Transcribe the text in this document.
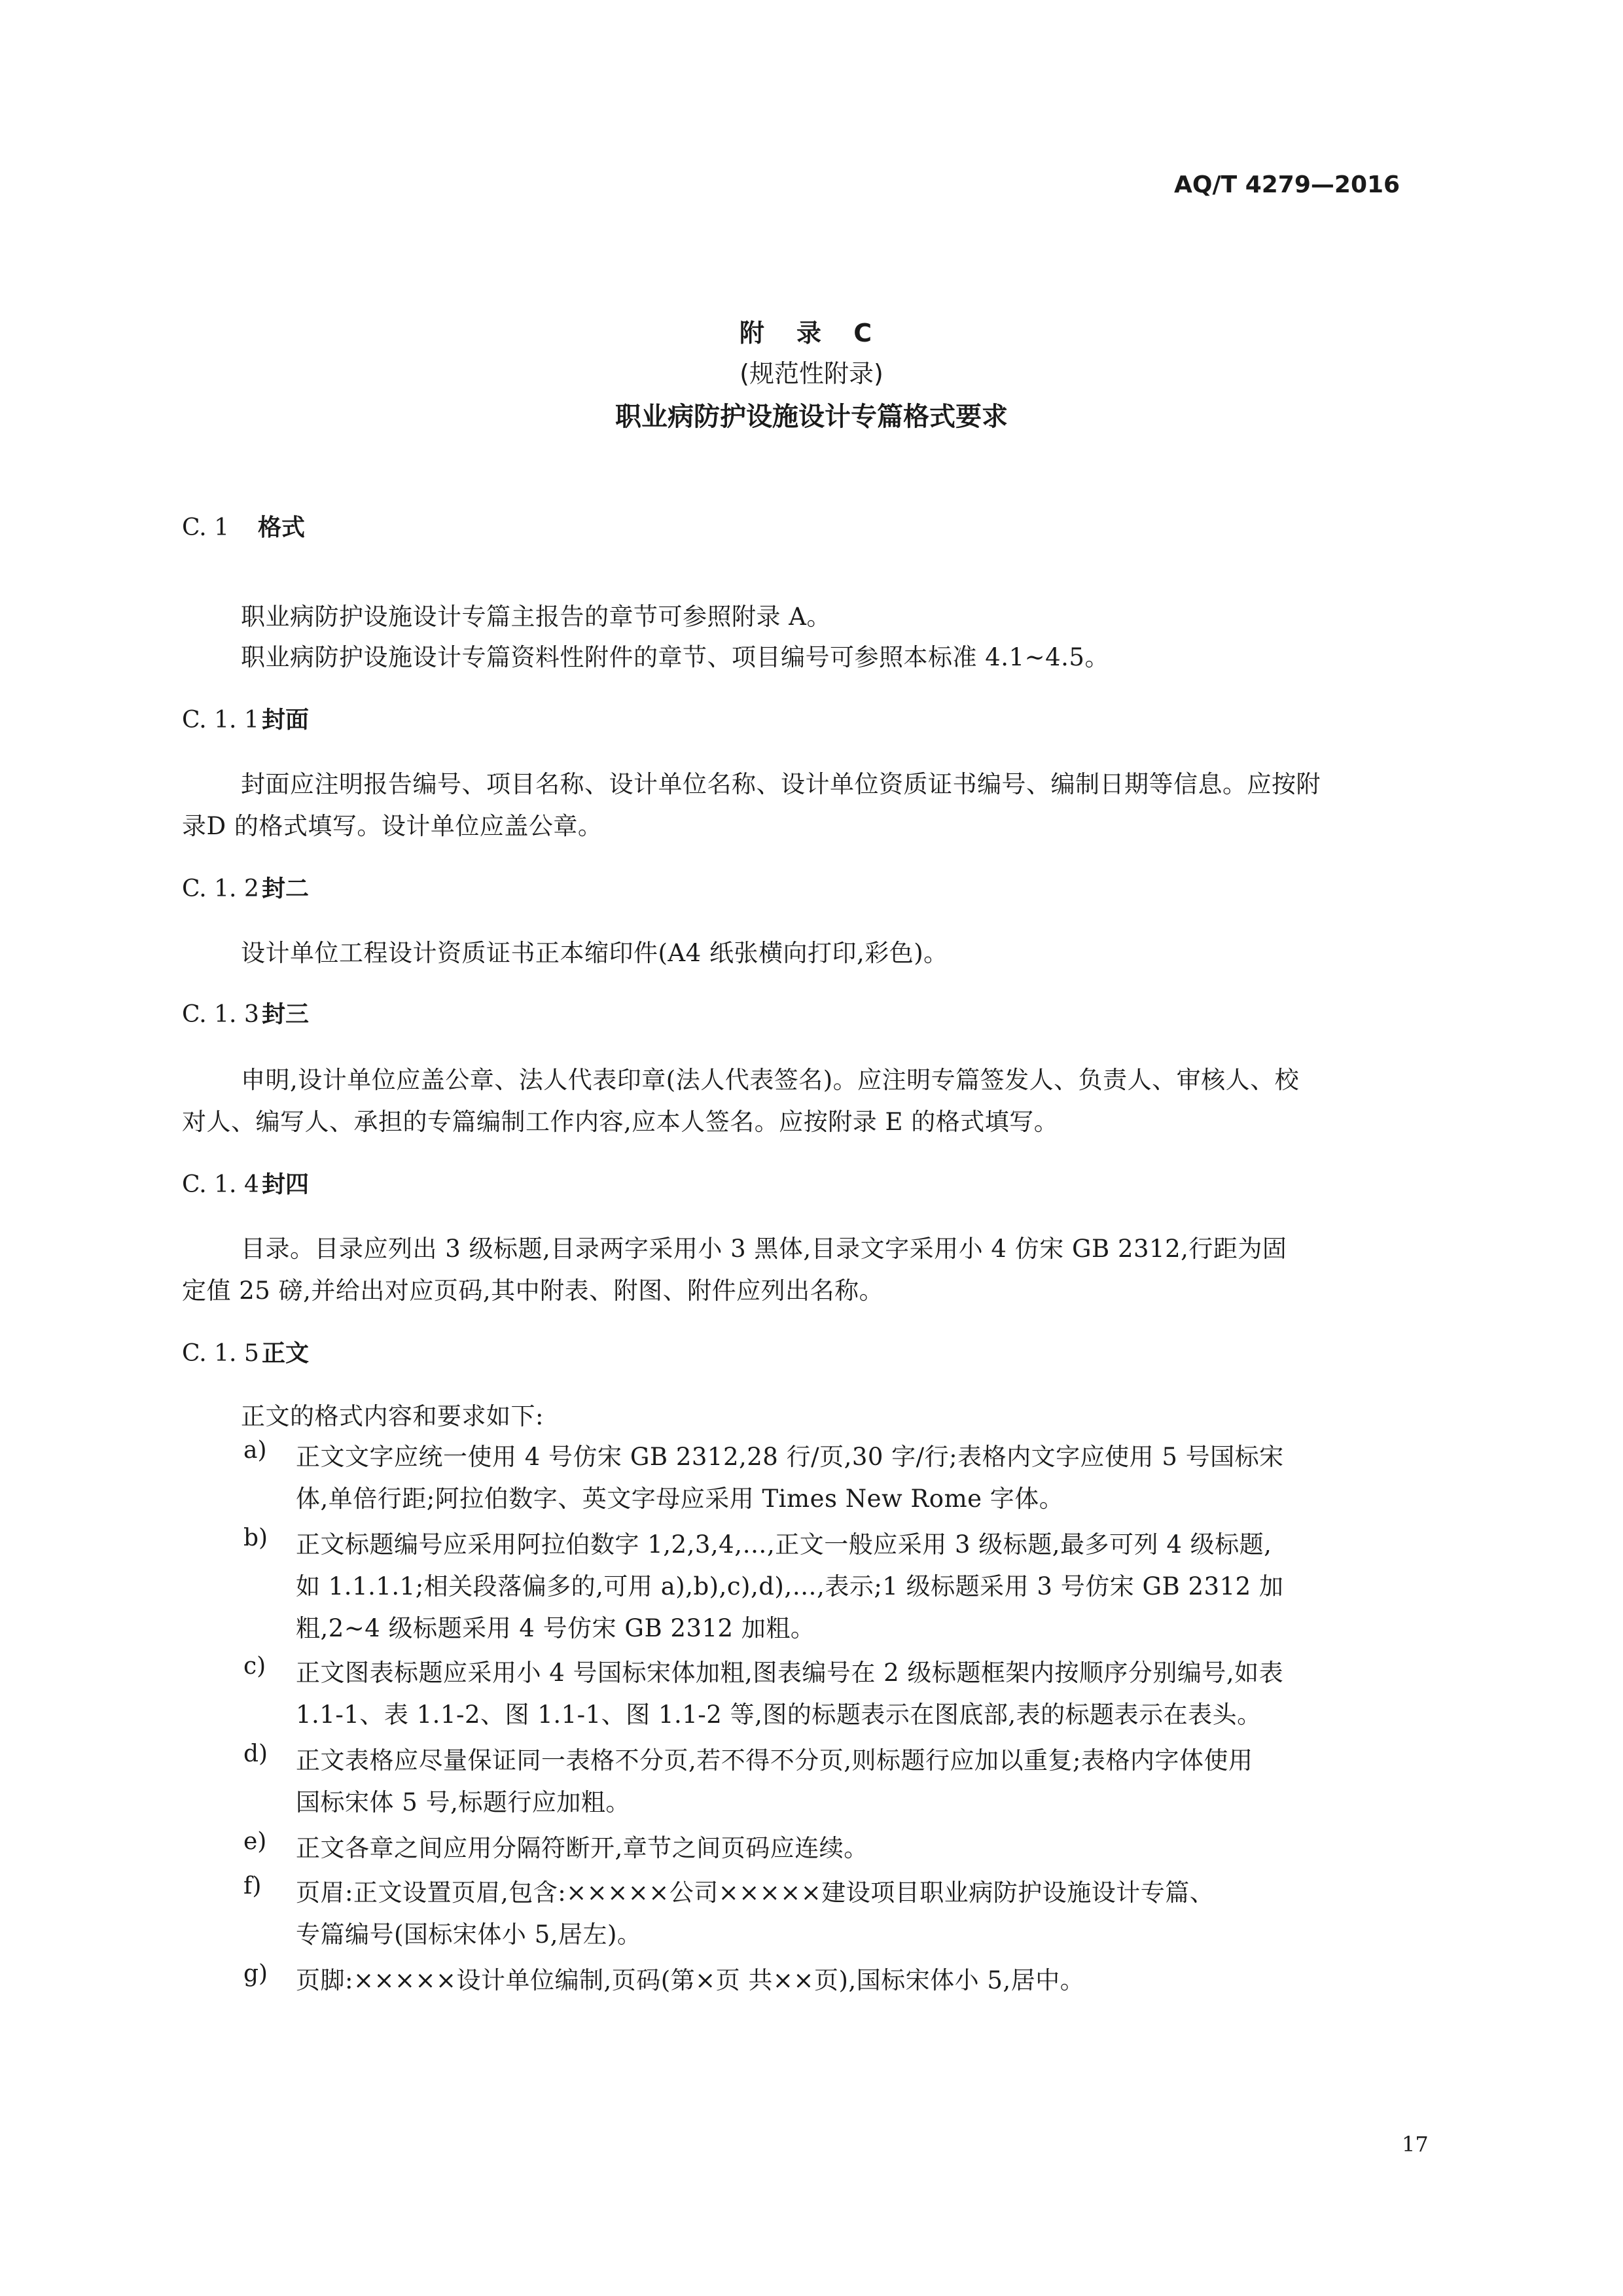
AQ/T 4279—2016
附 录 C
(规范性附录)
职业病防护设施设计专篇格式要求
C. 1 格式
职业病防护设施设计专篇主报告的章节可参照附录 A。
职业病防护设施设计专篇资料性附件的章节、项目编号可参照本标准 4.1~4.5。
C. 1. 1 封面
封面应注明报告编号、项目名称、设计单位名称、设计单位资质证书编号、编制日期等信息。应按附
录D 的格式填写。设计单位应盖公章。
C. 1. 2 封二
设计单位工程设计资质证书正本缩印件(A4 纸张横向打印,彩色)。
C. 1. 3 封三
申明,设计单位应盖公章、法人代表印章(法人代表签名)。应注明专篇签发人、负责人、审核人、校
对人、编写人、承担的专篇编制工作内容,应本人签名。应按附录 E 的格式填写。
C. 1. 4 封四
目录。目录应列出 3 级标题,目录两字采用小 3 黑体,目录文字采用小 4 仿宋 GB 2312,行距为固
定值 25 磅,并给出对应页码,其中附表、附图、附件应列出名称。
C. 1. 5 正文
正文的格式内容和要求如下:
a) 正文文字应统一使用 4 号仿宋 GB 2312,28 行/页,30 字/行;表格内文字应使用 5 号国标宋
体,单倍行距;阿拉伯数字、英文字母应采用 Times New Rome 字体。
b) 正文标题编号应采用阿拉伯数字 1,2,3,4,…,正文一般应采用 3 级标题,最多可列 4 级标题,
如 1.1.1.1;相关段落偏多的,可用 a),b),c),d),…,表示;1 级标题采用 3 号仿宋 GB 2312 加
粗,2~4 级标题采用 4 号仿宋 GB 2312 加粗。
c) 正文图表标题应采用小 4 号国标宋体加粗,图表编号在 2 级标题框架内按顺序分别编号,如表
1.1-1、表 1.1-2、图 1.1-1、图 1.1-2 等,图的标题表示在图底部,表的标题表示在表头。
d) 正文表格应尽量保证同一表格不分页,若不得不分页,则标题行应加以重复;表格内字体使用
国标宋体 5 号,标题行应加粗。
e) 正文各章之间应用分隔符断开,章节之间页码应连续。
f) 页眉:正文设置页眉,包含:×××××公司×××××建设项目职业病防护设施设计专篇、
专篇编号(国标宋体小 5,居左)。
g) 页脚:×××××设计单位编制,页码(第×页 共××页),国标宋体小 5,居中。
17
